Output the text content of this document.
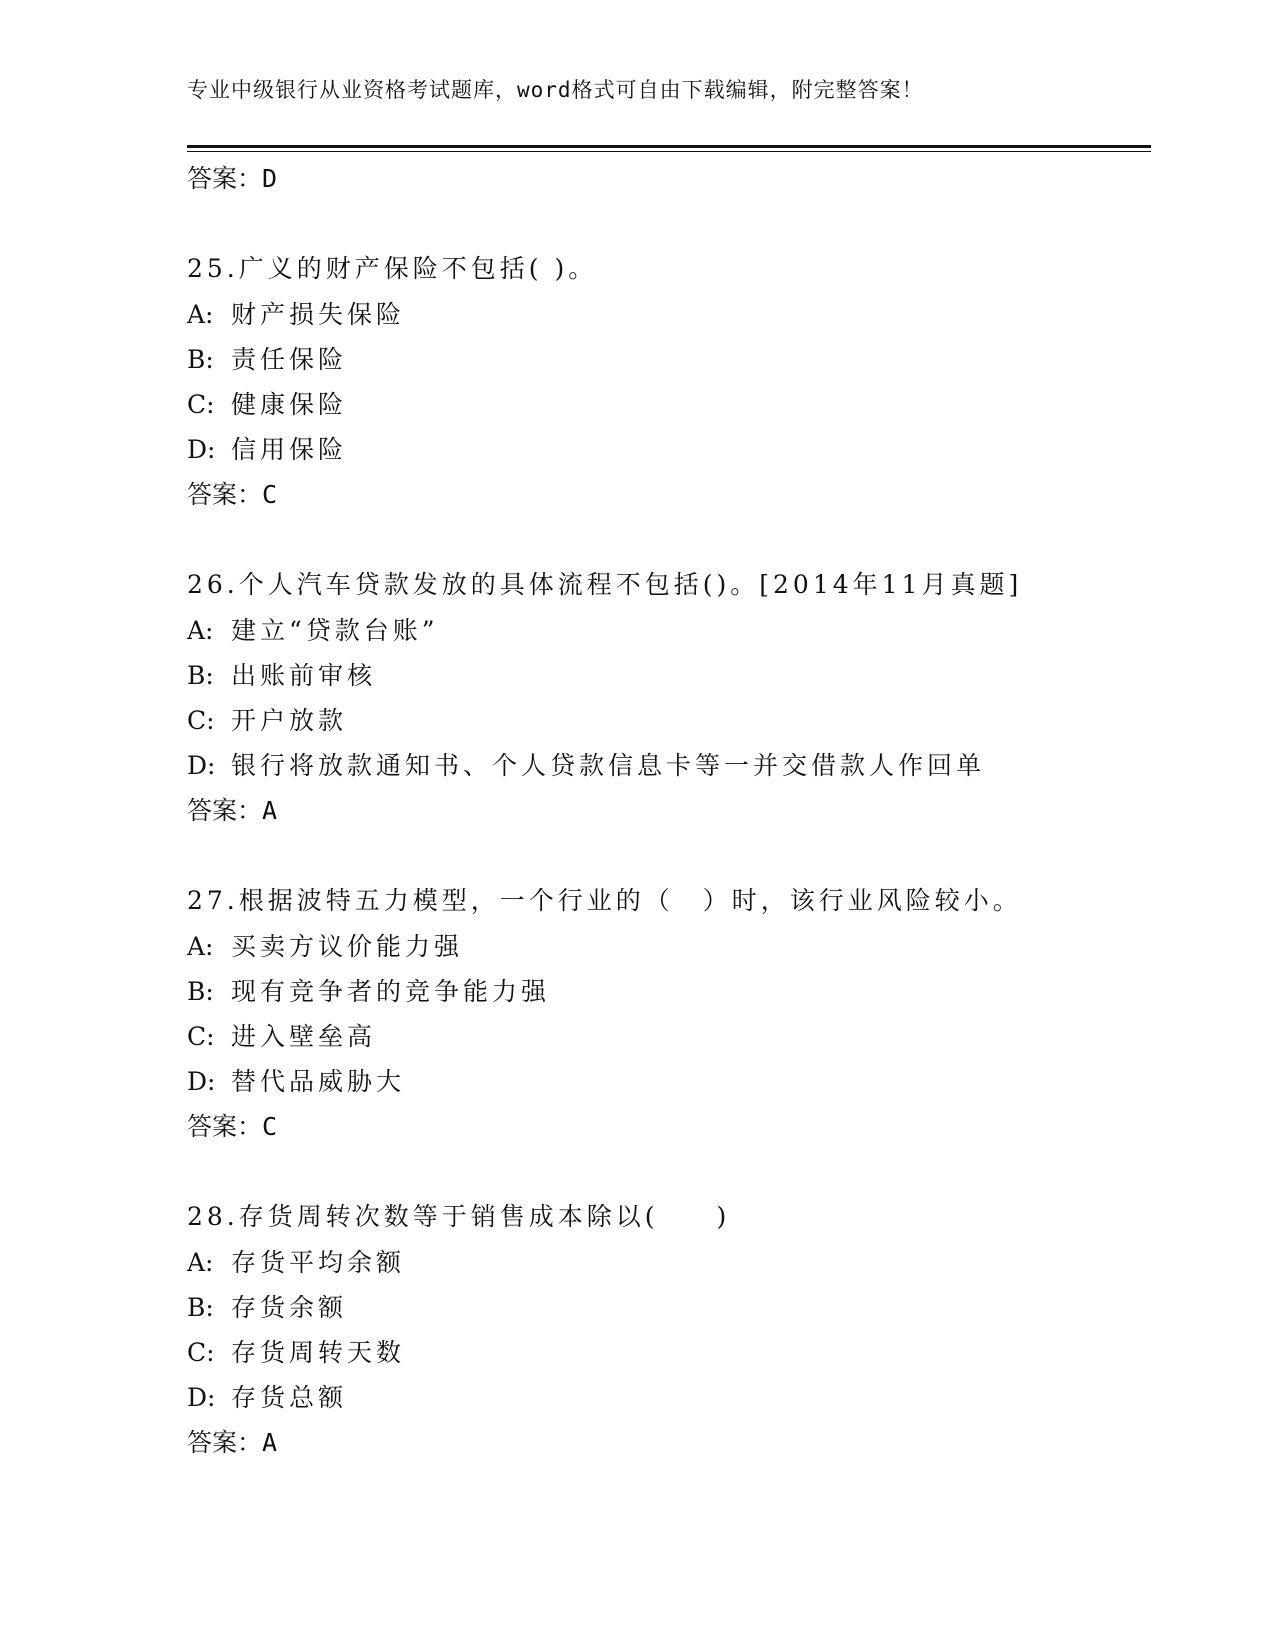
专业中级银行从业资格考试题库，word格式可自由下载编辑，附完整答案！
答案：D
25.广义的财产保险不包括( )。
A: 财产损失保险
B: 责任保险
C: 健康保险
D: 信用保险
答案：C
26.个人汽车贷款发放的具体流程不包括()。[2014年11月真题]
A: 建立“贷款台账”
B: 出账前审核
C: 开户放款
D: 银行将放款通知书、个人贷款信息卡等一并交借款人作回单
答案：A
27.根据波特五力模型，一个行业的（　）时，该行业风险较小。
A: 买卖方议价能力强
B: 现有竞争者的竞争能力强
C: 进入壁垒高
D: 替代品威胁大
答案：C
28.存货周转次数等于销售成本除以(　　)
A: 存货平均余额
B: 存货余额
C: 存货周转天数
D: 存货总额
答案：A
